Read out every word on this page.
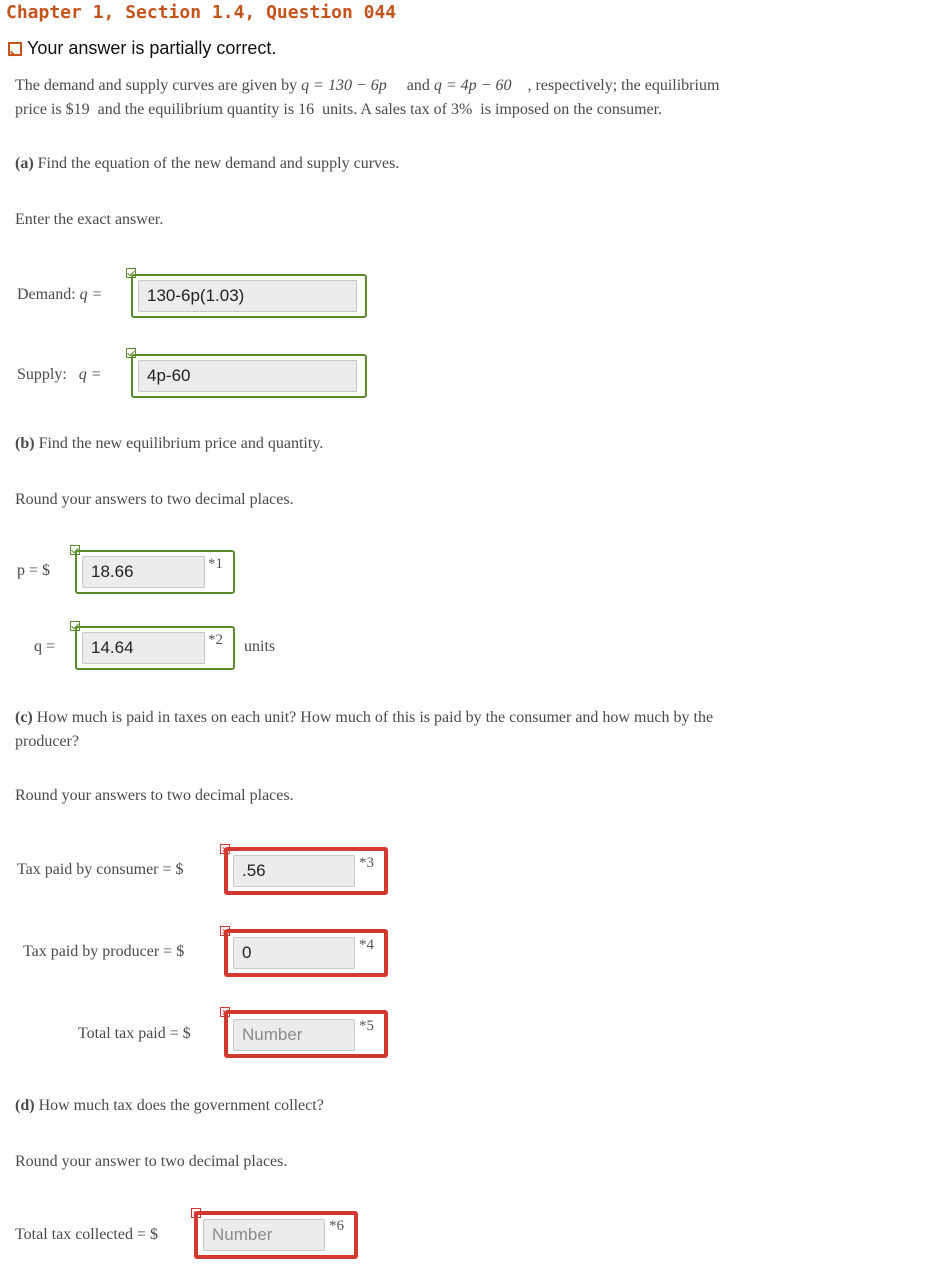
Chapter 1, Section 1.4, Question 044
Your answer is partially correct.
The demand and supply curves are given by q = 130 − 6p and q = 4p − 60 , respectively; the equilibrium
price is $19 and the equilibrium quantity is 16 units. A sales tax of 3% is imposed on the consumer.
(a) Find the equation of the new demand and supply curves.
Enter the exact answer.
Demand: q =	130-6p(1.03)
Supply: q =	4p-60
(b) Find the new equilibrium price and quantity.
Round your answers to two decimal places.
p = $	18.66	*1
q =	14.64	*2 units
(c) How much is paid in taxes on each unit? How much of this is paid by the consumer and how much by the
producer?
Round your answers to two decimal places.
Tax paid by consumer = $	.56	*3
Tax paid by producer = $	0	*4
Total tax paid = $	Number	*5
(d) How much tax does the government collect?
Round your answer to two decimal places.
Total tax collected = $	Number	*6
